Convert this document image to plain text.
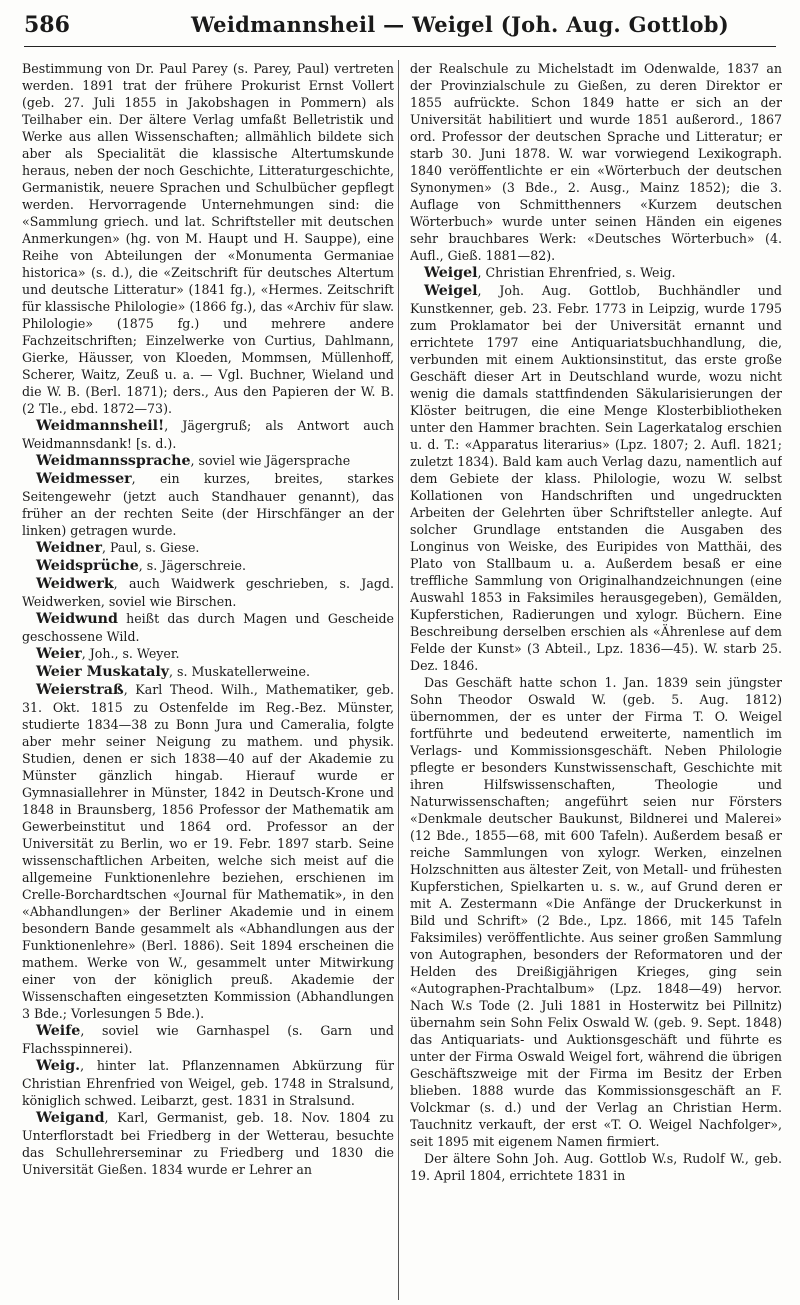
586	Weidmannsheil — Weigel (Joh. Aug. Gottlob)

Bestimmung von Dr. Paul Parey (s. Parey, Paul) vertreten werden. 1891 trat der frühere Prokurist Ernst Vollert (geb. 27. Juli 1855 in Jakobshagen in Pommern) als Teilhaber ein. Der ältere Verlag umfaßt Belletristik und Werke aus allen Wissenschaften; allmählich bildete sich aber als Specialität die klassische Altertumskunde heraus, neben der noch Geschichte, Litteraturgeschichte, Germanistik, neuere Sprachen und Schulbücher gepflegt werden. Hervorragende Unternehmungen sind: die «Sammlung griech. und lat. Schriftsteller mit deutschen Anmerkungen» (hg. von M. Haupt und H. Sauppe), eine Reihe von Abteilungen der «Monumenta Germaniae historica» (s. d.), die «Zeitschrift für deutsches Altertum und deutsche Litteratur» (1841 fg.), «Hermes. Zeitschrift für klassische Philologie» (1866 fg.), das «Archiv für slaw. Philologie» (1875 fg.) und mehrere andere Fachzeitschriften; Einzelwerke von Curtius, Dahlmann, Gierke, Häusser, von Kloeden, Mommsen, Müllenhoff, Scherer, Waitz, Zeuß u. a. — Vgl. Buchner, Wieland und die W. B. (Berl. 1871); ders., Aus den Papieren der W. B. (2 Tle., ebd. 1872—73).

Weidmannsheil!, Jägergruß; als Antwort auch Weidmannsdank! [s. d.).

Weidmannssprache, soviel wie Jägersprache

Weidmesser, ein kurzes, breites, starkes Seitengewehr (jetzt auch Standhauer genannt), das früher an der rechten Seite (der Hirschfänger an der linken) getragen wurde.

Weidner, Paul, s. Giese.

Weidsprüche, s. Jägerschreie.

Weidwerk, auch Waidwerk geschrieben, s. Jagd. Weidwerken, soviel wie Birschen.

Weidwund heißt das durch Magen und Gescheide geschossene Wild.

Weier, Joh., s. Weyer.

Weier Muskataly, s. Muskatellerweine.

Weierstraß, Karl Theod. Wilh., Mathematiker, geb. 31. Okt. 1815 zu Ostenfelde im Reg.-Bez. Münster, studierte 1834—38 zu Bonn Jura und Cameralia, folgte aber mehr seiner Neigung zu mathem. und physik. Studien, denen er sich 1838—40 auf der Akademie zu Münster gänzlich hingab. Hierauf wurde er Gymnasiallehrer in Münster, 1842 in Deutsch-Krone und 1848 in Braunsberg, 1856 Professor der Mathematik am Gewerbeinstitut und 1864 ord. Professor an der Universität zu Berlin, wo er 19. Febr. 1897 starb. Seine wissenschaftlichen Arbeiten, welche sich meist auf die allgemeine Funktionenlehre beziehen, erschienen im Crelle-Borchardtschen «Journal für Mathematik», in den «Abhandlungen» der Berliner Akademie und in einem besondern Bande gesammelt als «Abhandlungen aus der Funktionenlehre» (Berl. 1886). Seit 1894 erscheinen die mathem. Werke von W., gesammelt unter Mitwirkung einer von der königlich preuß. Akademie der Wissenschaften eingesetzten Kommission (Abhandlungen 3 Bde.; Vorlesungen 5 Bde.).

Weife, soviel wie Garnhaspel (s. Garn und Flachsspinnerei).

Weig., hinter lat. Pflanzennamen Abkürzung für Christian Ehrenfried von Weigel, geb. 1748 in Stralsund, königlich schwed. Leibarzt, gest. 1831 in Stralsund.

Weigand, Karl, Germanist, geb. 18. Nov. 1804 zu Unterflorstadt bei Friedberg in der Wetterau, besuchte das Schullehrerseminar zu Friedberg und 1830 die Universität Gießen. 1834 wurde er Lehrer an

der Realschule zu Michelstadt im Odenwalde, 1837 an der Provinzialschule zu Gießen, zu deren Direktor er 1855 aufrückte. Schon 1849 hatte er sich an der Universität habilitiert und wurde 1851 außerord., 1867 ord. Professor der deutschen Sprache und Litteratur; er starb 30. Juni 1878. W. war vorwiegend Lexikograph. 1840 veröffentlichte er ein «Wörterbuch der deutschen Synonymen» (3 Bde., 2. Ausg., Mainz 1852); die 3. Auflage von Schmitthenners «Kurzem deutschen Wörterbuch» wurde unter seinen Händen ein eigenes sehr brauchbares Werk: «Deutsches Wörterbuch» (4. Aufl., Gieß. 1881—82).

Weigel, Christian Ehrenfried, s. Weig.

Weigel, Joh. Aug. Gottlob, Buchhändler und Kunstkenner, geb. 23. Febr. 1773 in Leipzig, wurde 1795 zum Proklamator bei der Universität ernannt und errichtete 1797 eine Antiquariatsbuchhandlung, die, verbunden mit einem Auktionsinstitut, das erste große Geschäft dieser Art in Deutschland wurde, wozu nicht wenig die damals stattfindenden Säkularisierungen der Klöster beitrugen, die eine Menge Klosterbibliotheken unter den Hammer brachten. Sein Lagerkatalog erschien u. d. T.: «Apparatus literarius» (Lpz. 1807; 2. Aufl. 1821; zuletzt 1834). Bald kam auch Verlag dazu, namentlich auf dem Gebiete der klass. Philologie, wozu W. selbst Kollationen von Handschriften und ungedruckten Arbeiten der Gelehrten über Schriftsteller anlegte. Auf solcher Grundlage entstanden die Ausgaben des Longinus von Weiske, des Euripides von Matthäi, des Plato von Stallbaum u. a. Außerdem besaß er eine treffliche Sammlung von Originalhandzeichnungen (eine Auswahl 1853 in Faksimiles herausgegeben), Gemälden, Kupferstichen, Radierungen und xylogr. Büchern. Eine Beschreibung derselben erschien als «Ährenlese auf dem Felde der Kunst» (3 Abteil., Lpz. 1836—45). W. starb 25. Dez. 1846.

Das Geschäft hatte schon 1. Jan. 1839 sein jüngster Sohn Theodor Oswald W. (geb. 5. Aug. 1812) übernommen, der es unter der Firma T. O. Weigel fortführte und bedeutend erweiterte, namentlich im Verlags- und Kommissionsgeschäft. Neben Philologie pflegte er besonders Kunstwissenschaft, Geschichte mit ihren Hilfswissenschaften, Theologie und Naturwissenschaften; angeführt seien nur Försters «Denkmale deutscher Baukunst, Bildnerei und Malerei» (12 Bde., 1855—68, mit 600 Tafeln). Außerdem besaß er reiche Sammlungen von xylogr. Werken, einzelnen Holzschnitten aus ältester Zeit, von Metall- und frühesten Kupferstichen, Spielkarten u. s. w., auf Grund deren er mit A. Zestermann «Die Anfänge der Druckerkunst in Bild und Schrift» (2 Bde., Lpz. 1866, mit 145 Tafeln Faksimiles) veröffentlichte. Aus seiner großen Sammlung von Autographen, besonders der Reformatoren und der Helden des Dreißigjährigen Krieges, ging sein «Autographen-Prachtalbum» (Lpz. 1848—49) hervor. Nach W.s Tode (2. Juli 1881 in Hosterwitz bei Pillnitz) übernahm sein Sohn Felix Oswald W. (geb. 9. Sept. 1848) das Antiquariats- und Auktionsgeschäft und führte es unter der Firma Oswald Weigel fort, während die übrigen Geschäftszweige mit der Firma im Besitz der Erben blieben. 1888 wurde das Kommissionsgeschäft an F. Volckmar (s. d.) und der Verlag an Christian Herm. Tauchnitz verkauft, der erst «T. O. Weigel Nachfolger», seit 1895 mit eigenem Namen firmiert.

Der ältere Sohn Joh. Aug. Gottlob W.s, Rudolf W., geb. 19. April 1804, errichtete 1831 in
